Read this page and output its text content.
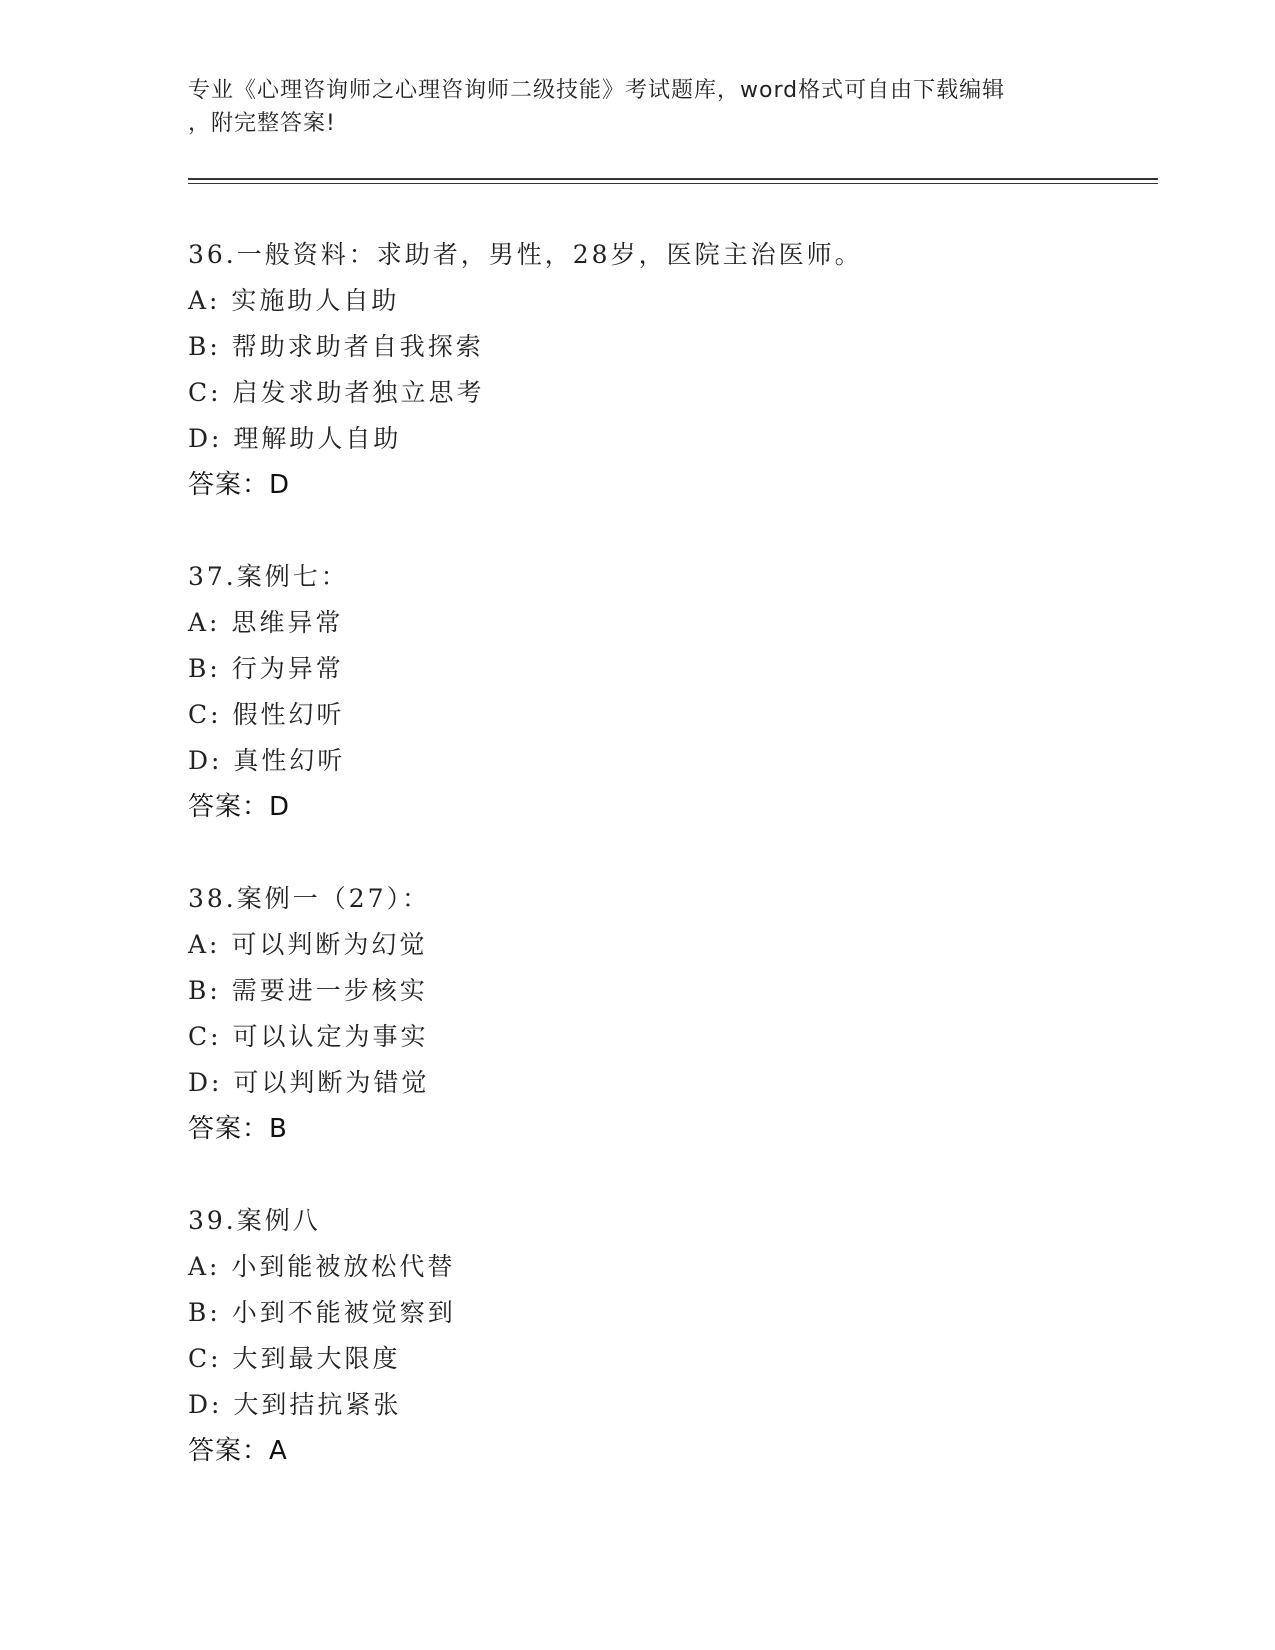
专业《心理咨询师之心理咨询师二级技能》考试题库，word格式可自由下载编辑
，附完整答案!
36.一般资料：求助者，男性，28岁，医院主治医师。
A: 实施助人自助
B: 帮助求助者自我探索
C: 启发求助者独立思考
D: 理解助人自助
答案：D
37.案例七：
A: 思维异常
B: 行为异常
C: 假性幻听
D: 真性幻听
答案：D
38.案例一（27）：
A: 可以判断为幻觉
B: 需要进一步核实
C: 可以认定为事实
D: 可以判断为错觉
答案：B
39.案例八
A: 小到能被放松代替
B: 小到不能被觉察到
C: 大到最大限度
D: 大到拮抗紧张
答案：A
